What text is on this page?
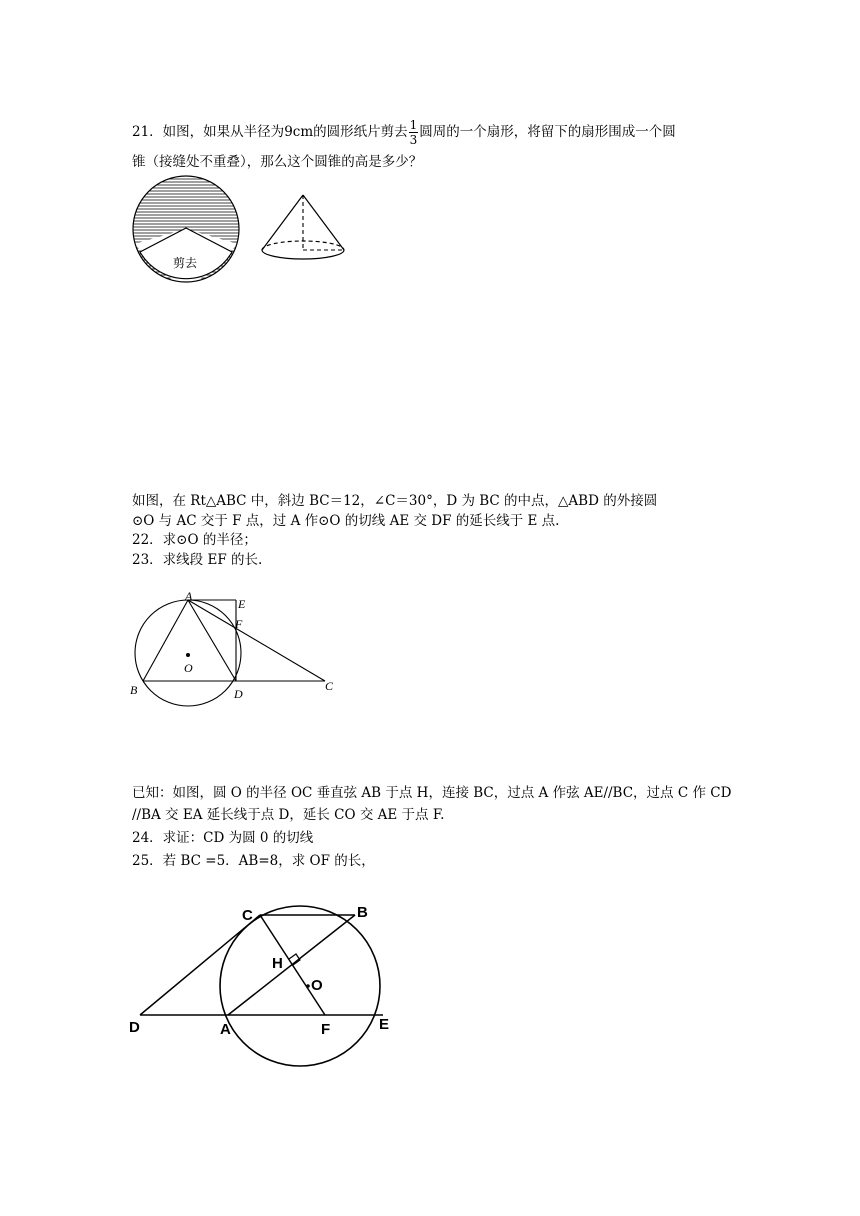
21．如图，如果从半径为9cm的圆形纸片剪去 $\frac{1}{3}$ 圆周的一个扇形，将留下的扇形围成一个圆
锥（接缝处不重叠），那么这个圆锥的高是多少？
剪去
如图，在 Rt△ABC 中，斜边 BC＝12，∠C＝30°，D 为 BC 的中点，△ABD 的外接圆
⊙O 与 AC 交于 F 点，过 A 作⊙O 的切线 AE 交 DF 的延长线于 E 点.
22．求⊙O 的半径；
23．求线段 EF 的长.
A
E
F
O
B	D
C
已知：如图，圆 O 的半径 OC 垂直弦 AB 于点 H，连接 BC，过点 A 作弦 AE//BC，过点 C 作 CD
//BA 交 EA 延长线于点 D，延长 CO 交 AE 于点 F.
24．求证：CD 为圆 0 的切线
25．若 BC =5．AB=8，求 OF 的长，
C	B
H
O
D	A	F	E
